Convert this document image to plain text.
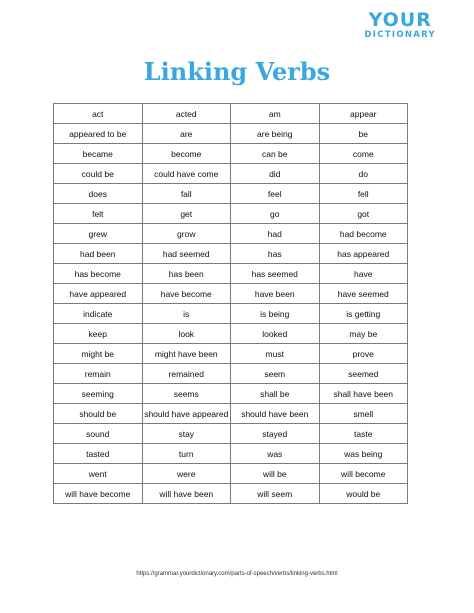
YOUR
DICTIONARY
Linking Verbs
act	acted	am	appear
appeared to be	are	are being	be
became	become	can be	come
could be	could have come	did	do
does	fall	feel	fell
felt	get	go	got
grew	grow	had	had become
had been	had seemed	has	has appeared
has become	has been	has seemed	have
have appeared	have become	have been	have seemed
indicate	is	is being	is getting
keep	look	looked	may be
might be	might have been	must	prove
remain	remained	seem	seemed
seeming	seems	shall be	shall have been
should be	should have appeared	should have been	smell
sound	stay	stayed	taste
tasted	turn	was	was being
went	were	will be	will become
will have become	will have been	will seem	would be
https://grammar.yourdictionary.com/parts-of-speech/verbs/linking-verbs.html
